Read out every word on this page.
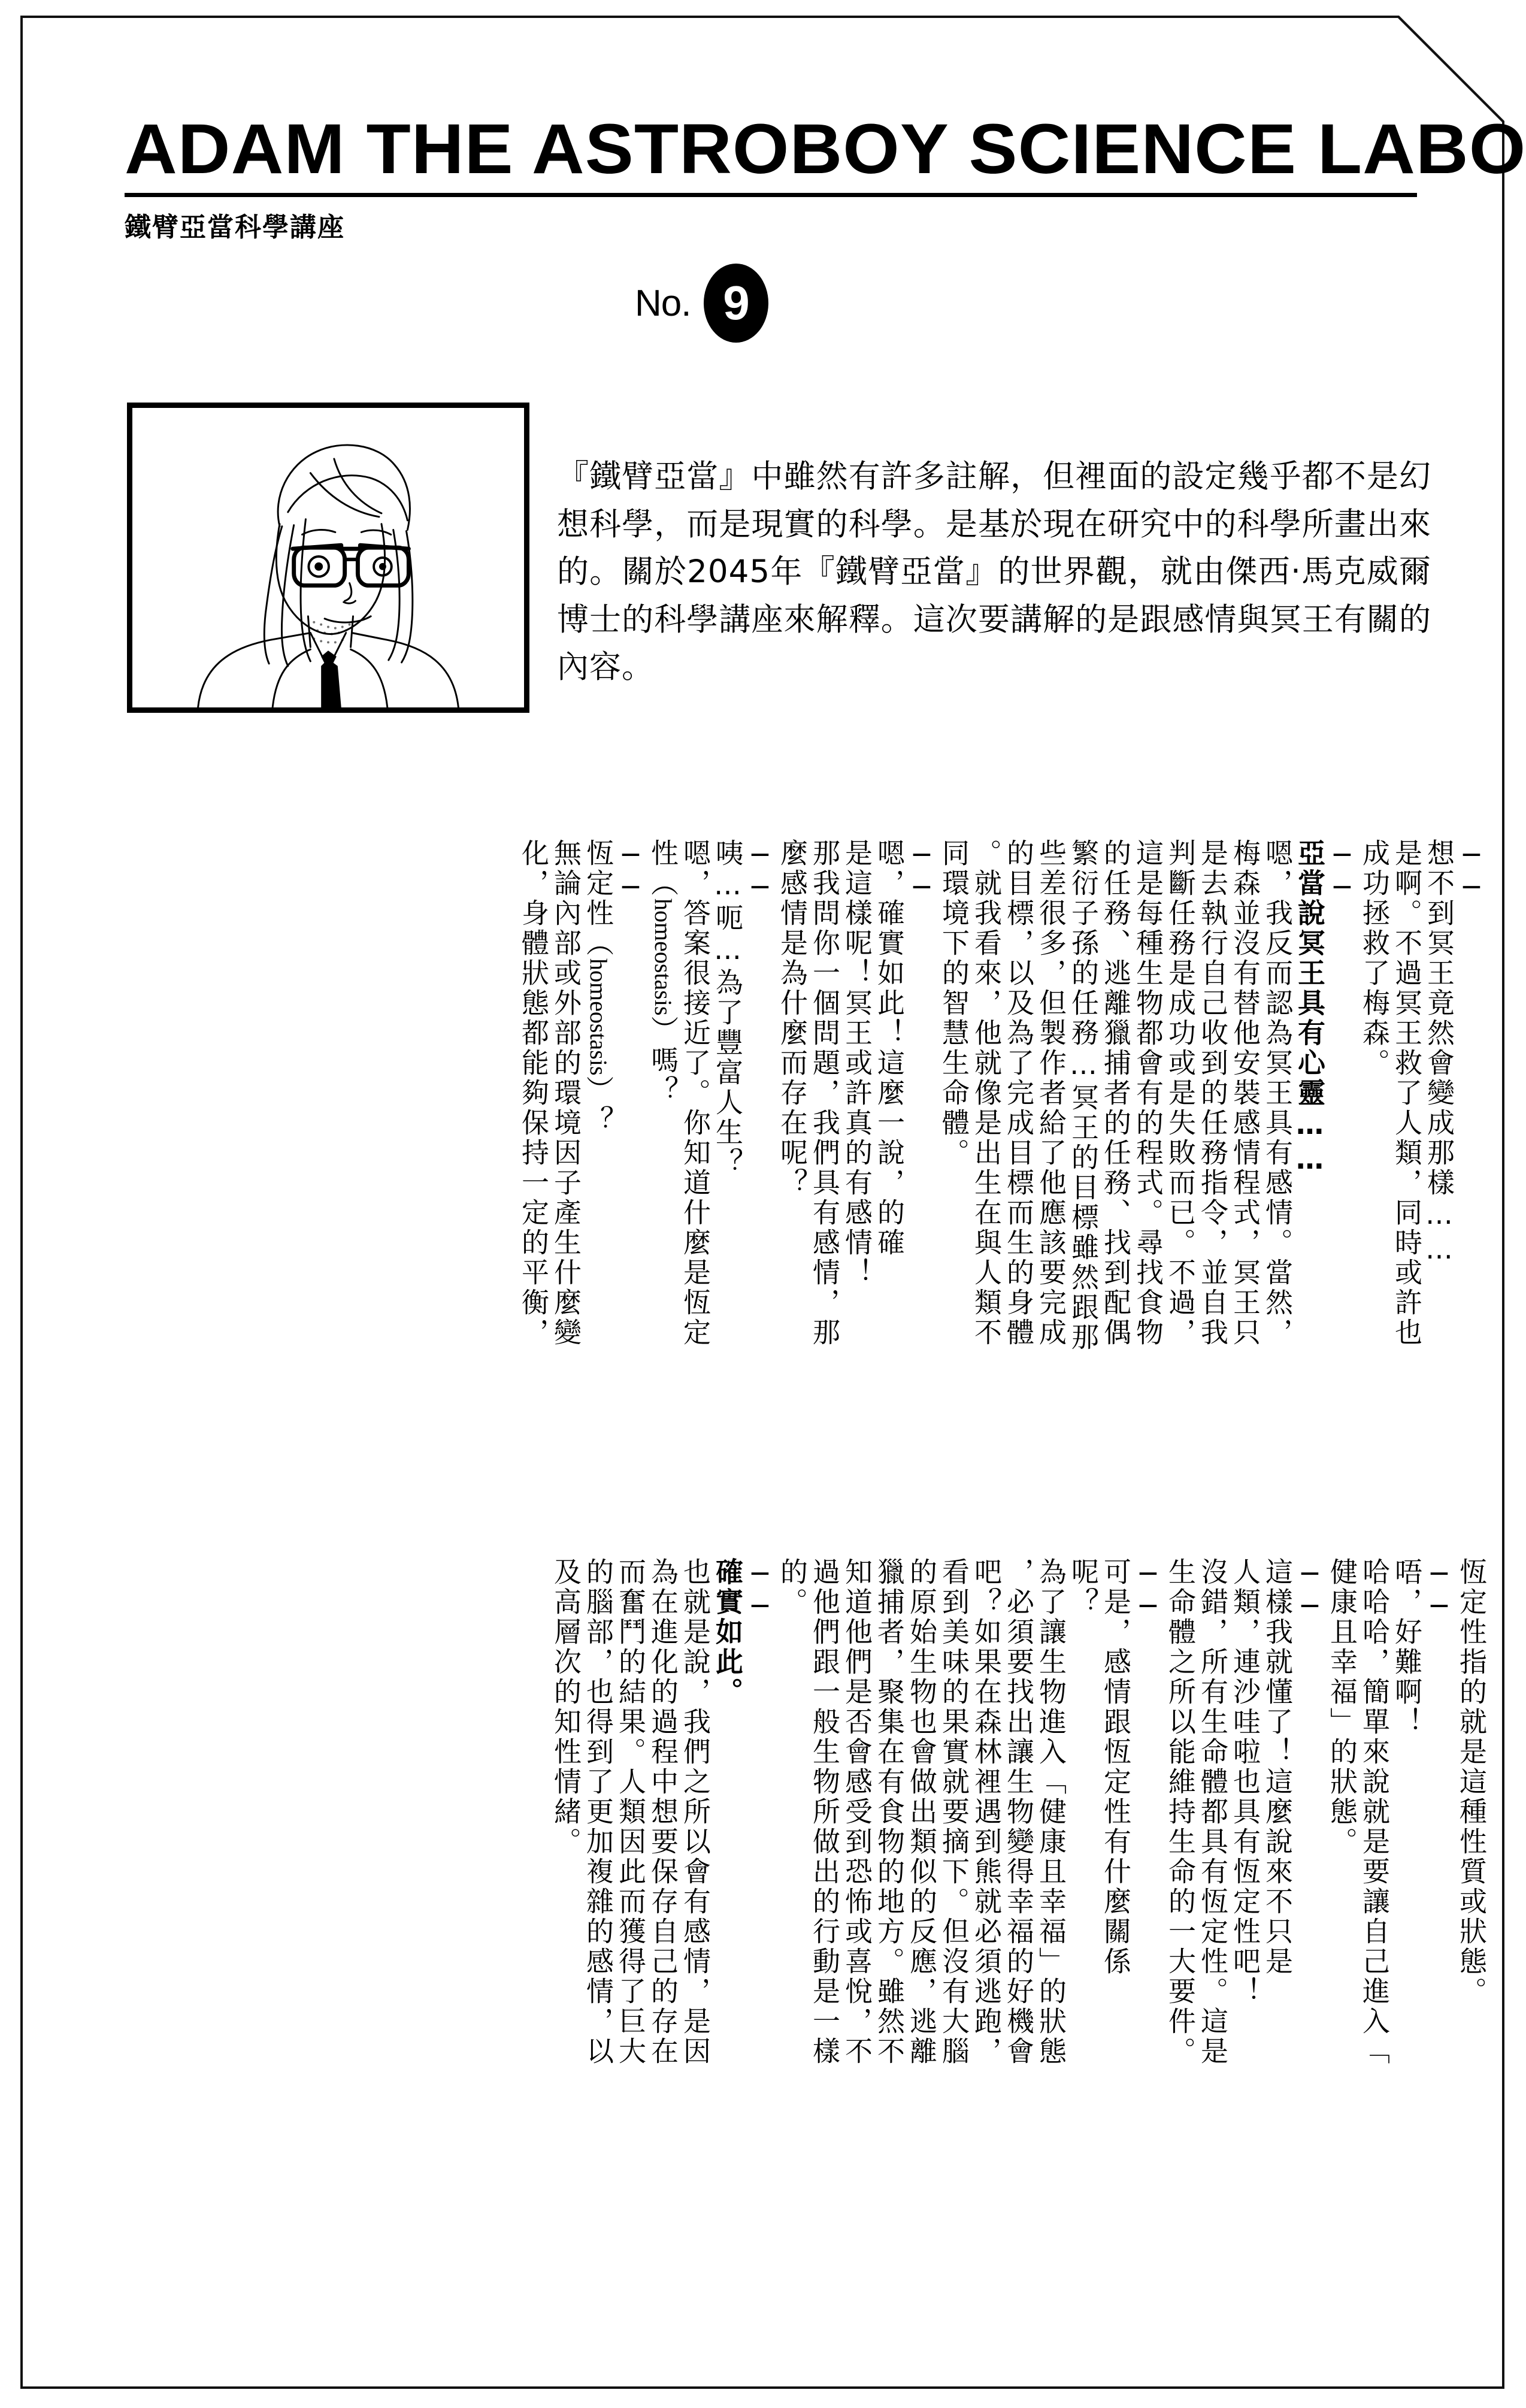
ADAM THE ASTROBOY SCIENCE LABO
鐵臂亞當科學講座
No. 9
『鐵臂亞當』中雖然有許多註解，但裡面的設定幾乎都不是幻想科學，而是現實的科學。是基於現在研究中的科學所畫出來的。關於2045年『鐵臂亞當』的世界觀，就由傑西‧馬克威爾博士的科學講座來解釋。這次要講解的是跟感情與冥王有關的內容。
──
想不到冥王竟然會變成那樣……
是啊。不過冥王救了人類，同時或許也
成功拯救了梅森。
──
亞當說冥王具有心靈……
嗯，我反而認為冥王具有感情。當然，
梅森並沒有替他安裝感情程式，冥王只
是去執行自己收到的任務指令，並自我
判斷任務是成功或是失敗而已。不過，
這是每種生物都會有的程式。尋找食物
的任務、逃離獵捕者的任務、找到配偶
繁衍子孫的任務…冥王的目標雖然跟那
些差很多，但製作者給了他應該要完成
的目標，以及為了完成目標而生的身體
。就我看來，他就像是出生在與人類不
同環境下的智慧生命體。
──
嗯，確實如此！這麼一說，的確
是這樣呢！冥王或許真的有感情！
那我問你一個問題，我們具有感情，那
麼感情是為什麼而存在呢？
──
咦…呃…為了豐富人生？
嗯，答案很接近了。你知道什麼是恆定
性（homeostasis）嗎？
──
恆定性（homeostasis）？
無論內部或外部的環境因子產生什麼變
化，身體狀態都能夠保持一定的平衡，
恆定性指的就是這種性質或狀態。
──
唔，好難啊！
哈哈哈，簡單來說就是要讓自己進入「
健康且幸福」的狀態。
──
這樣我就懂了！這麼說來不只是
人類，連沙哇啦也具有恆定性吧！
沒錯，所有生命體都具有恆定性。這是
生命體之所以能維持生命的一大要件。
──
可是，感情跟恆定性有什麼關係
呢？
為了讓生物進入「健康且幸福」的狀態
，必須要找出讓生物變得幸福的好機會
吧？如果在森林裡遇到熊就必須逃跑，
看到美味的果實就要摘下。但沒有大腦
的原始生物也會做出類似的反應，逃離
獵捕者，聚集在有食物的地方。雖然不
知道他們是否會感受到恐怖或喜悅，不
過他們跟一般生物所做出的行動是一樣
的。
──
確實如此。
也就是說，我們之所以會有感情，是因
為在進化的過程中想要保存自己的存在
而奮鬥的結果。人類因此而獲得了巨大
的腦部，也得到了更加複雜的感情，以
及高層次的知性情緒。
